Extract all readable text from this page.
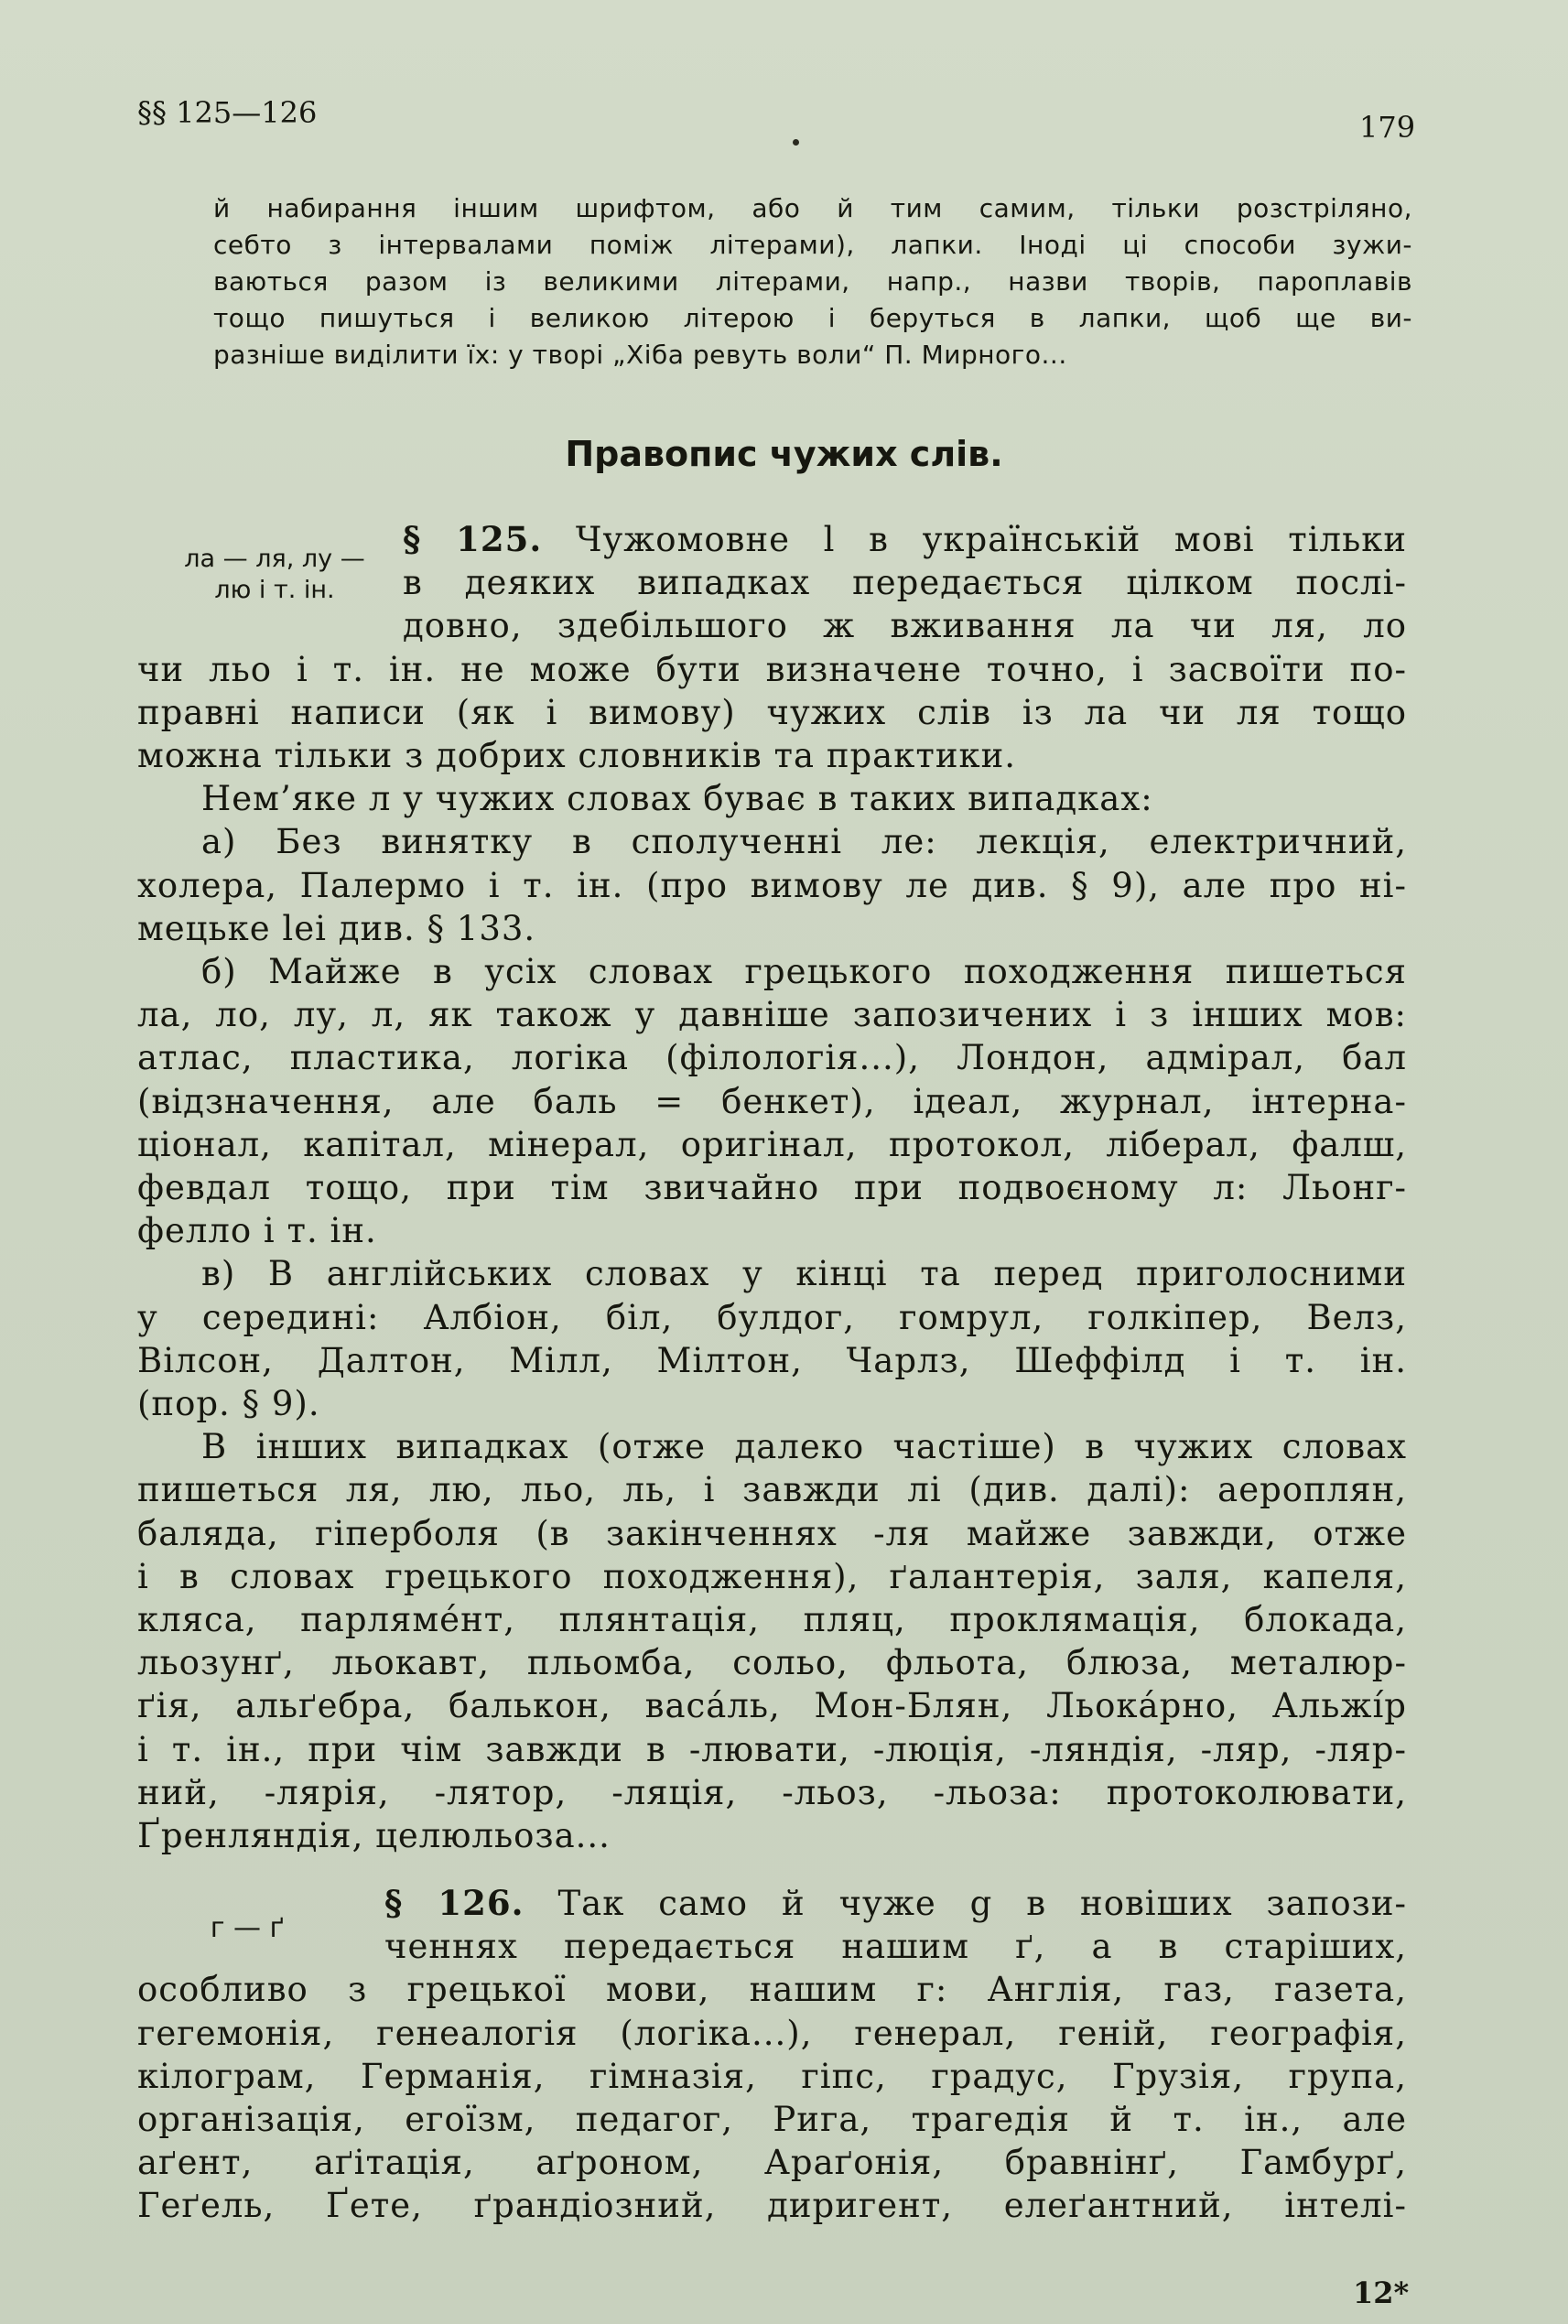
§§ 125—126	179
й набирання іншим шрифтом, або й тим самим, тільки розстріляно,
себто з інтервалами поміж літерами), лапки. Іноді ці способи зужи-
ваються разом із великими літерами, напр., назви творів, пароплавів
тощо пишуться і великою літерою і беруться в лапки, щоб ще ви-
разніше виділити їх: у творі „Хіба ревуть воли“ П. Мирного...
Правопис чужих слів.
ла — ля, лу —
лю і т. ін.
§ 125. Чужомовне l в українській мові тільки
в деяких випадках передається цілком послі-
довно, здебільшого ж вживання ла чи ля, ло
чи льо і т. ін. не може бути визначене точно, і засвоїти по-
правні написи (як і вимову) чужих слів із ла чи ля тощо
можна тільки з добрих словників та практики.
Нем’яке л у чужих словах буває в таких випадках:
а) Без винятку в сполученні ле: лекція, електричний,
холера, Палермо і т. ін. (про вимову ле див. § 9), але про ні-
мецьке lei див. § 133.
б) Майже в усіх словах грецького походження пишеться
ла, ло, лу, л, як також у давніше запозичених і з інших мов:
атлас, пластика, логіка (філологія...), Лондон, адмірал, бал
(відзначення, але баль = бенкет), ідеал, журнал, інтерна-
ціонал, капітал, мінерал, оригінал, протокол, ліберал, фалш,
февдал тощо, при тім звичайно при подвоєному л: Льонг-
фелло і т. ін.
в) В англійських словах у кінці та перед приголосними
у середині: Албіон, біл, булдог, гомрул, голкіпер, Велз,
Вілсон, Далтон, Мілл, Мілтон, Чарлз, Шеффілд і т. ін.
(пор. § 9).
В інших випадках (отже далеко частіше) в чужих словах
пишеться ля, лю, льо, ль, і завжди лі (див. далі): аероплян,
баляда, гіперболя (в закінченнях -ля майже завжди, отже
і в словах грецького походження), ґалантерія, заля, капеля,
кляса, парляме́нт, плянтація, пляц, проклямація, блокада,
льозунґ, льокавт, пльомба, сольо, фльота, блюза, металюр-
ґія, альґебра, балькон, васа́ль, Мон-Блян, Льока́рно, Альжі́р
і т. ін., при чім завжди в -лювати, -люція, -ляндія, -ляр, -ляр-
ний, -лярія, -лятор, -ляція, -льоз, -льоза: протоколювати,
Ґренляндія, целюльоза...
г — ґ
§ 126. Так само й чуже g в новіших запози-
ченнях передається нашим ґ, а в старіших,
особливо з грецької мови, нашим г: Англія, газ, газета,
гегемонія, генеалогія (логіка...), генерал, геній, географія,
кілограм, Германія, гімназія, гіпс, градус, Грузія, група,
організація, егоїзм, педагог, Рига, трагедія й т. ін., але
аґент, аґітація, аґроном, Араґонія, бравнінґ, Гамбурґ,
Геґель, Ґете, ґрандіозний, диригент, елеґантний, інтелі-
12*
